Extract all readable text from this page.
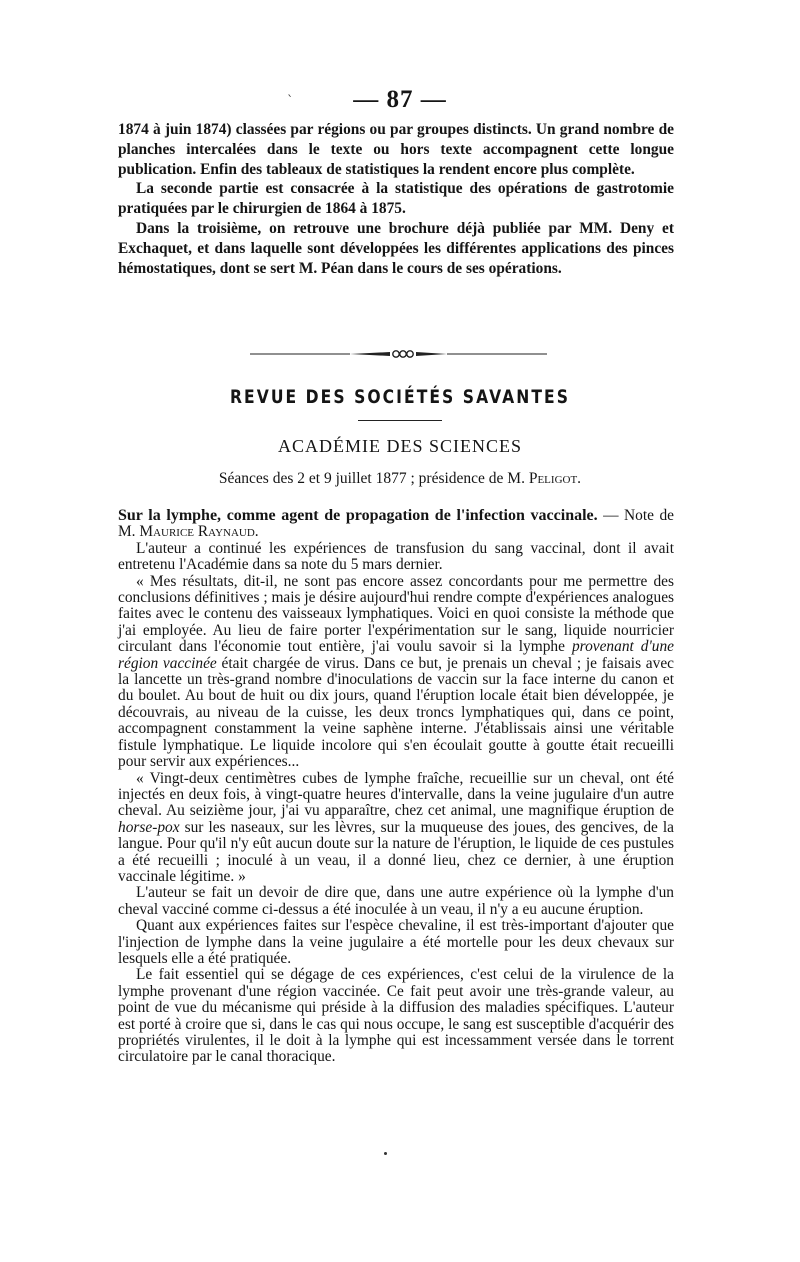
`	— 87 —

1874 à juin 1874) classées par régions ou par groupes distincts. Un grand nombre de planches intercalées dans le texte ou hors texte accompagnent cette longue publication. Enfin des tableaux de statistiques la rendent encore plus complète.

La seconde partie est consacrée à la statistique des opérations de gastrotomie pratiquées par le chirurgien de 1864 à 1875.

Dans la troisième, on retrouve une brochure déjà publiée par MM. Deny et Exchaquet, et dans laquelle sont développées les différentes applications des pinces hémostatiques, dont se sert M. Péan dans le cours de ses opérations.

REVUE DES SOCIÉTÉS SAVANTES
ACADÉMIE DES SCIENCES
Séances des 2 et 9 juillet 1877 ; présidence de M. Peligot.

Sur la lymphe, comme agent de propagation de l'infection vaccinale. — Note de M. Maurice Raynaud.

L'auteur a continué les expériences de transfusion du sang vaccinal, dont il avait entretenu l'Académie dans sa note du 5 mars dernier.

« Mes résultats, dit-il, ne sont pas encore assez concordants pour me permettre des conclusions définitives ; mais je désire aujourd'hui rendre compte d'expériences analogues faites avec le contenu des vaisseaux lymphatiques. Voici en quoi consiste la méthode que j'ai employée. Au lieu de faire porter l'expérimentation sur le sang, liquide nourricier circulant dans l'économie tout entière, j'ai voulu savoir si la lymphe provenant d'une région vaccinée était chargée de virus. Dans ce but, je prenais un cheval ; je faisais avec la lancette un très-grand nombre d'inoculations de vaccin sur la face interne du canon et du boulet. Au bout de huit ou dix jours, quand l'éruption locale était bien développée, je découvrais, au niveau de la cuisse, les deux troncs lymphatiques qui, dans ce point, accompagnent constamment la veine saphène interne. J'établissais ainsi une véritable fistule lymphatique. Le liquide incolore qui s'en écoulait goutte à goutte était recueilli pour servir aux expériences...

« Vingt-deux centimètres cubes de lymphe fraîche, recueillie sur un cheval, ont été injectés en deux fois, à vingt-quatre heures d'intervalle, dans la veine jugulaire d'un autre cheval. Au seizième jour, j'ai vu apparaître, chez cet animal, une magnifique éruption de horse-pox sur les naseaux, sur les lèvres, sur la muqueuse des joues, des gencives, de la langue. Pour qu'il n'y eût aucun doute sur la nature de l'éruption, le liquide de ces pustules a été recueilli ; inoculé à un veau, il a donné lieu, chez ce dernier, à une éruption vaccinale légitime. »

L'auteur se fait un devoir de dire que, dans une autre expérience où la lymphe d'un cheval vacciné comme ci-dessus a été inoculée à un veau, il n'y a eu aucune éruption.

Quant aux expériences faites sur l'espèce chevaline, il est très-important d'ajouter que l'injection de lymphe dans la veine jugulaire a été mortelle pour les deux chevaux sur lesquels elle a été pratiquée.

Le fait essentiel qui se dégage de ces expériences, c'est celui de la virulence de la lymphe provenant d'une région vaccinée. Ce fait peut avoir une très-grande valeur, au point de vue du mécanisme qui préside à la diffusion des maladies spécifiques. L'auteur est porté à croire que si, dans le cas qui nous occupe, le sang est susceptible d'acquérir des propriétés virulentes, il le doit à la lymphe qui est incessamment versée dans le torrent circulatoire par le canal thoracique.
